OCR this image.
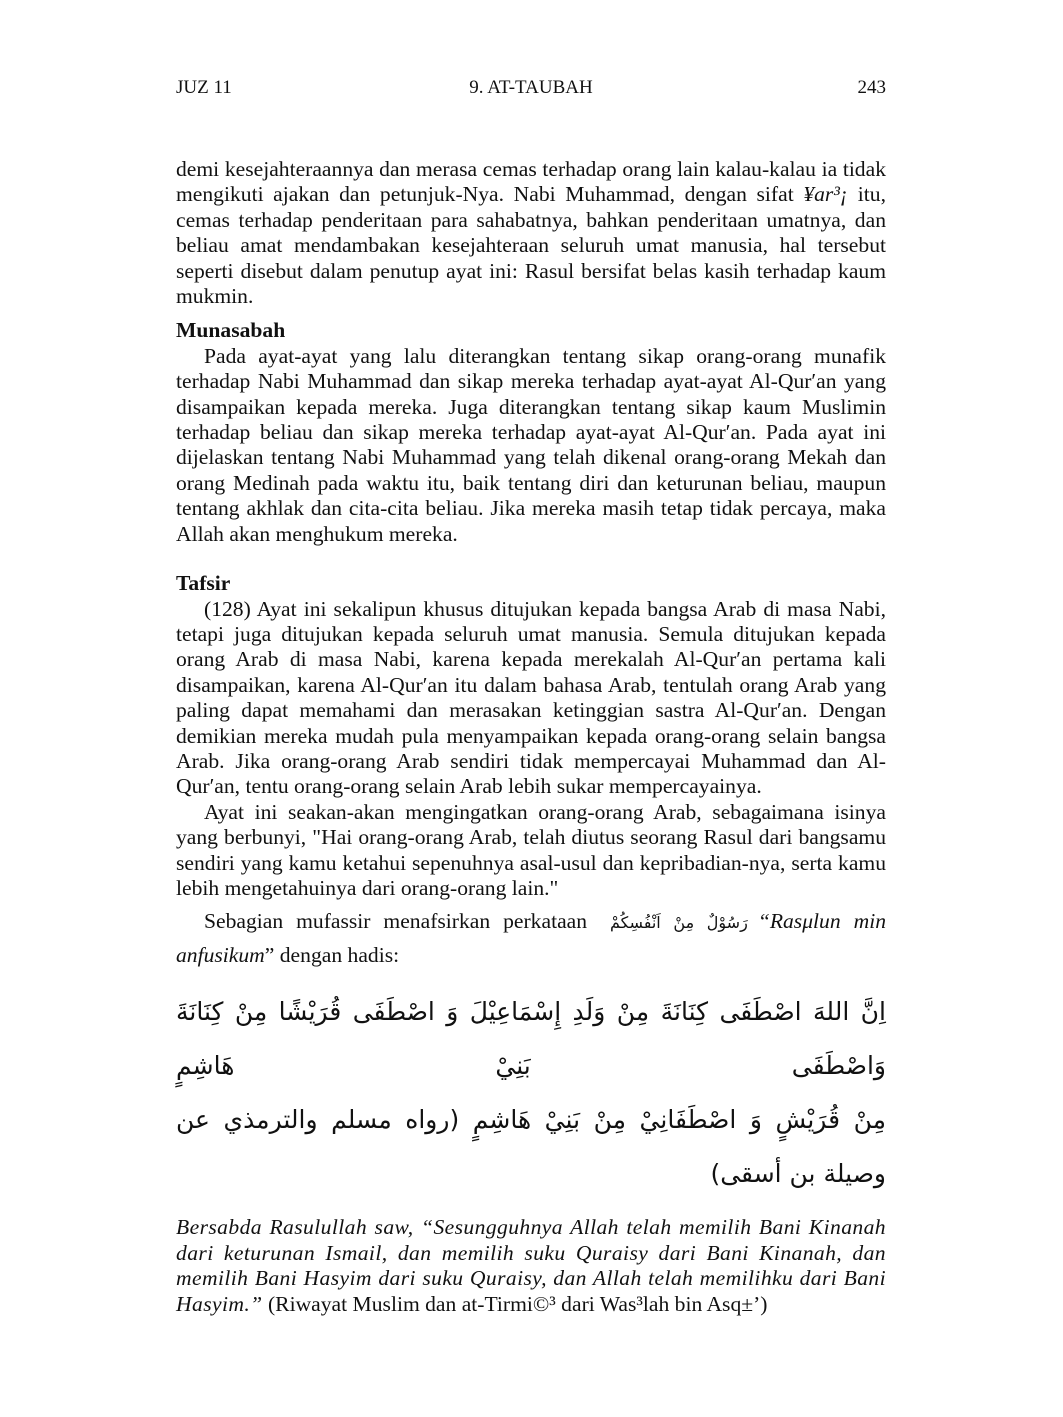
JUZ 11	9. AT-TAUBAH	243

demi kesejahteraannya dan merasa cemas terhadap orang lain kalau-kalau ia tidak mengikuti ajakan dan petunjuk-Nya. Nabi Muhammad, dengan sifat ¥ar³¡ itu, cemas terhadap penderitaan para sahabatnya, bahkan penderitaan umatnya, dan beliau amat mendambakan kesejahteraan seluruh umat manusia, hal tersebut seperti disebut dalam penutup ayat ini: Rasul bersifat belas kasih terhadap kaum mukmin.

Munasabah

Pada ayat-ayat yang lalu diterangkan tentang sikap orang-orang munafik terhadap Nabi Muhammad dan sikap mereka terhadap ayat-ayat Al-Qur′an yang disampaikan kepada mereka. Juga diterangkan tentang sikap kaum Muslimin terhadap beliau dan sikap mereka terhadap ayat-ayat Al-Qur′an. Pada ayat ini dijelaskan tentang Nabi Muhammad yang telah dikenal orang-orang Mekah dan orang Medinah pada waktu itu, baik tentang diri dan keturunan beliau, maupun tentang akhlak dan cita-cita beliau. Jika mereka masih tetap tidak percaya, maka Allah akan menghukum mereka.

Tafsir

(128) Ayat ini sekalipun khusus ditujukan kepada bangsa Arab di masa Nabi, tetapi juga ditujukan kepada seluruh umat manusia. Semula ditujukan kepada orang Arab di masa Nabi, karena kepada merekalah Al-Qur′an pertama kali disampaikan, karena Al-Qur′an itu dalam bahasa Arab, tentulah orang Arab yang paling dapat memahami dan merasakan ketinggian sastra Al-Qur′an. Dengan demikian mereka mudah pula menyampaikan kepada orang-orang selain bangsa Arab. Jika orang-orang Arab sendiri tidak mempercayai Muhammad dan Al-Qur′an, tentu orang-orang selain Arab lebih sukar mempercayainya.

Ayat ini seakan-akan mengingatkan orang-orang Arab, sebagaimana isinya yang berbunyi, "Hai orang-orang Arab, telah diutus seorang Rasul dari bangsamu sendiri yang kamu ketahui sepenuhnya asal-usul dan kepribadian-nya, serta kamu lebih mengetahuinya dari orang-orang lain."

Sebagian mufassir menafsirkan perkataan رَسُوْلٌ مِنْ اَنْفُسِكُمْ “Rasμlun min anfusikum” dengan hadis:

اِنَّ اللهَ اصْطَفَى كِنَانَةَ مِنْ وَلَدِ إِسْمَاعِيْلَ وَ اصْطَفَى قُرَيْشًا مِنْ كِنَانَةَ وَاصْطَفَى بَنِيْ هَاشِمٍ
مِنْ قُرَيْشٍ وَ اصْطَفَانِيْ مِنْ بَنِيْ هَاشِمٍ (رواه مسلم والترمذي عن وصيلة بن أسقى)

Bersabda Rasulullah saw, “Sesungguhnya Allah telah memilih Bani Kinanah dari keturunan Ismail, dan memilih suku Quraisy dari Bani Kinanah, dan memilih Bani Hasyim dari suku Quraisy, dan Allah telah memilihku dari Bani Hasyim.” (Riwayat Muslim dan at-Tirmi©³ dari Was³lah bin Asq±’)
